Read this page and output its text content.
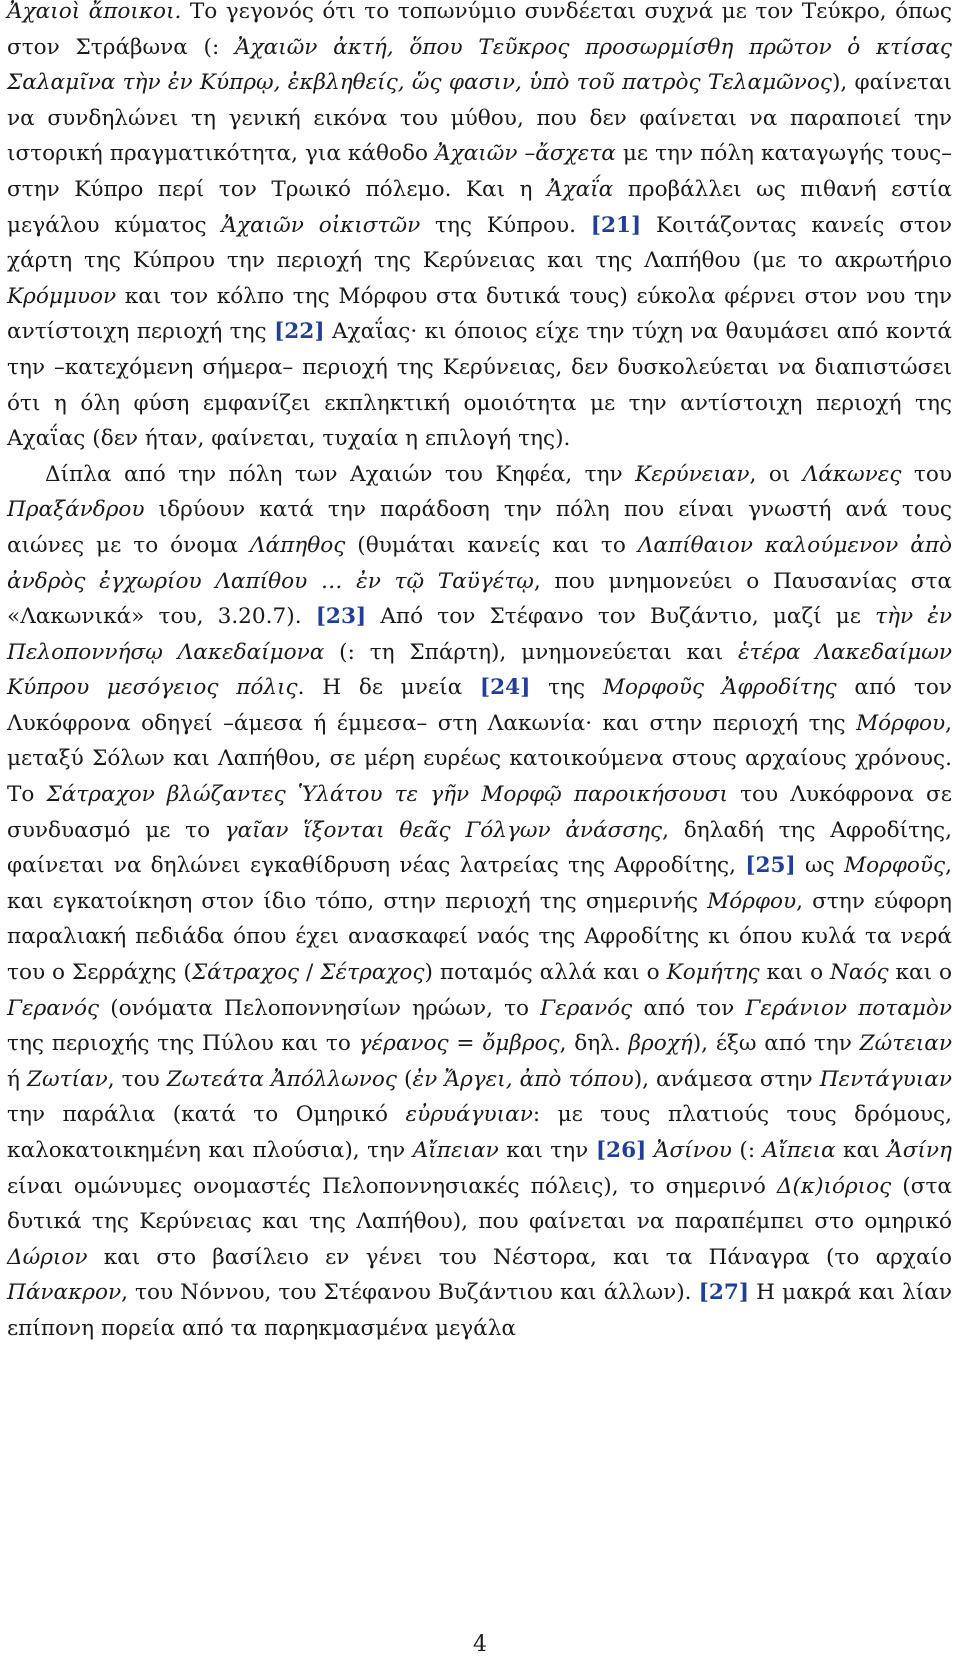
Ἀχαιοὶ ἄποικοι. Το γεγονός ότι το τοπωνύμιο συνδέεται συχνά με τον Τεύκρο, όπως στον Στράβωνα (: Ἀχαιῶν ἀκτή, ὅπου Τεῦκρος προσωρμίσθη πρῶτον ὁ κτίσας Σαλαμῖνα τὴν ἐν Κύπρῳ, ἐκβληθείς, ὥς φασιν, ὑπὸ τοῦ πατρὸς Τελαμῶνος), φαίνεται να συνδηλώνει τη γενική εικόνα του μύθου, που δεν φαίνεται να παραποιεί την ιστορική πραγματικότητα, για κάθοδο Ἀχαιῶν –ἄσχετα με την πόλη καταγωγής τους– στην Κύπρο περί τον Τρωικό πόλεμο. Και η Ἀχαΐα προβάλλει ως πιθανή εστία μεγάλου κύματος Ἀχαιῶν οἰκιστῶν της Κύπρου. [21] Κοιτάζοντας κανείς στον χάρτη της Κύπρου την περιοχή της Κερύνειας και της Λαπήθου (με το ακρωτήριο Κρόμμυον και τον κόλπο της Μόρφου στα δυτικά τους) εύκολα φέρνει στον νου την αντίστοιχη περιοχή της [22] Αχαΐας· κι όποιος είχε την τύχη να θαυμάσει από κοντά την –κατεχόμενη σήμερα– περιοχή της Κερύνειας, δεν δυσκολεύεται να διαπιστώσει ότι η όλη φύση εμφανίζει εκπληκτική ομοιότητα με την αντίστοιχη περιοχή της Αχαΐας (δεν ήταν, φαίνεται, τυχαία η επιλογή της).

Δίπλα από την πόλη των Αχαιών του Κηφέα, την Κερύνειαν, οι Λάκωνες του Πραξάνδρου ιδρύουν κατά την παράδοση την πόλη που είναι γνωστή ανά τους αιώνες με το όνομα Λάπηθος (θυμάται κανείς και το Λαπίθαιον καλούμενον ἀπὸ ἀνδρὸς ἐγχωρίου Λαπίθου … ἐν τῷ Ταϋγέτῳ, που μνημονεύει ο Παυσανίας στα «Λακωνικά» του, 3.20.7). [23] Από τον Στέφανο τον Βυζάντιο, μαζί με τὴν ἐν Πελοποννήσῳ Λακεδαίμονα (: τη Σπάρτη), μνημονεύεται και ἑτέρα Λακεδαίμων Κύπρου μεσόγειος πόλις. Η δε μνεία [24] της Μορφοῦς Ἀφροδίτης από τον Λυκόφρονα οδηγεί –άμεσα ή έμμεσα– στη Λακωνία· και στην περιοχή της Μόρφου, μεταξύ Σόλων και Λαπήθου, σε μέρη ευρέως κατοικούμενα στους αρχαίους χρόνους. Το Σάτραχον βλώζαντες Ὑλάτου τε γῆν Μορφῷ παροικήσουσι του Λυκόφρονα σε συνδυασμό με το γαῖαν ἵξονται θεᾶς Γόλγων ἀνάσσης, δηλαδή της Αφροδίτης, φαίνεται να δηλώνει εγκαθίδρυση νέας λατρείας της Αφροδίτης, [25] ως Μορφοῦς, και εγκατοίκηση στον ίδιο τόπο, στην περιοχή της σημερινής Μόρφου, στην εύφορη παραλιακή πεδιάδα όπου έχει ανασκαφεί ναός της Αφροδίτης κι όπου κυλά τα νερά του ο Σερράχης (Σάτραχος / Σέτραχος) ποταμός αλλά και ο Κομήτης και ο Ναός και ο Γερανός (ονόματα Πελοποννησίων ηρώων, το Γερανός από τον Γεράνιον ποταμὸν της περιοχής της Πύλου και το γέρανος = ὄμβρος, δηλ. βροχή), έξω από την Ζώτειαν ή Ζωτίαν, του Ζωτεάτα Ἀπόλλωνος (ἐν Ἄργει, ἀπὸ τόπου), ανάμεσα στην Πεντάγυιαν την παράλια (κατά το Ομηρικό εὐρυάγυιαν: με τους πλατιούς τους δρόμους, καλοκατοικημένη και πλούσια), την Αἴπειαν και την [26] Ἀσίνου (: Αἴπεια και Ἀσίνη είναι ομώνυμες ονομαστές Πελοποννησιακές πόλεις), το σημερινό Δ(κ)ιόριος (στα δυτικά της Κερύνειας και της Λαπήθου), που φαίνεται να παραπέμπει στο ομηρικό Δώριον και στο βασίλειο εν γένει του Νέστορα, και τα Πάναγρα (το αρχαίο Πάνακρον, του Νόννου, του Στέφανου Βυζάντιου και άλλων). [27] Η μακρά και λίαν επίπονη πορεία από τα παρηκμασμένα μεγάλα

4
